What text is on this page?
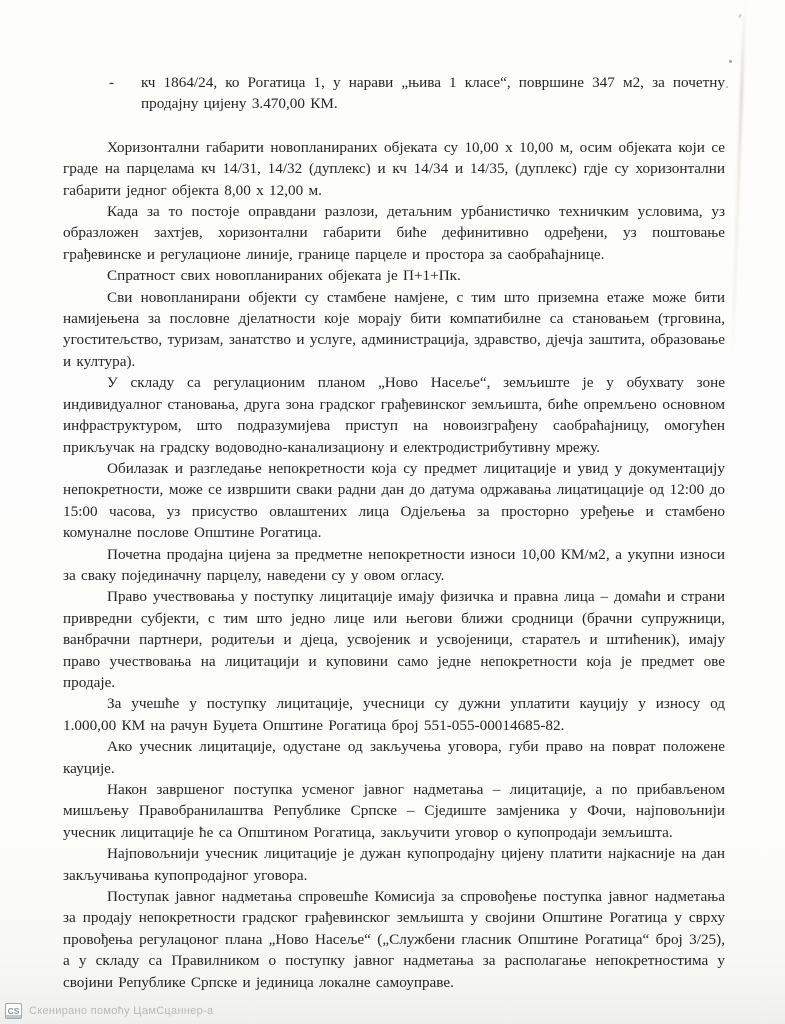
-	кч 1864/24, ко Рогатица 1, у нарави „њива 1 класе“, површине 347 м2, за почетну продајну цијену 3.470,00 КМ.

Хоризонтални габарити новопланираних објеката су 10,00 х 10,00 м, осим објеката који се граде на парцелама кч 14/31, 14/32 (дуплекс) и кч 14/34 и 14/35, (дуплекс) гдје су хоризонтални габарити једног објекта 8,00 х 12,00 м.

Када за то постоје оправдани разлози, детаљним урбанистичко техничким условима, уз образложен захтјев, хоризонтални габарити биће дефинитивно одређени, уз поштовање грађевинске и регулационе линије, границе парцеле и простора за саобраћајнице.

Спратност свих новопланираних објеката је П+1+Пк.

Сви новопланирани објекти су стамбене намјене, с тим што приземна етаже може бити намијењена за пословне дјелатности које морају бити компатибилне са становањем (трговина, угоститељство, туризам, занатство и услуге, администрација, здравство, дјечја заштита, образовање и култура).

У складу са регулационим планом „Ново Насеље“, земљиште је у обухвату зоне индивидуалног становања, друга зона градског грађевинског земљишта, биће опремљено основном инфраструктуром, што подразумијева приступ на новоизграђену саобраћајницу, омогућен прикључак на градску водоводно-канализациону и електродистрибутивну мрежу.

Обилазак и разгледање непокретности која су предмет лицитације и увид у документацију непокретности, може се извршити сваки радни дан до датума одржавања лицатицације од 12:00 до 15:00 часова, уз присуство овлаштених лица Одјељења за просторно уређење и стамбено комуналне послове Општине Рогатица.

Почетна продајна цијена за предметне непокретности износи 10,00 КМ/м2, а укупни износи за сваку појединачну парцелу, наведени су у овом огласу.

Право учествовања у поступку лицитације имају физичка и правна лица – домаћи и страни привредни субјекти, с тим што једно лице или његови ближи сродници (брачни супружници, ванбрачни партнери, родитељи и дјеца, усвојеник и усвојеници, старатељ и штићеник), имају право учествовања на лицитацији и куповини само једне непокретности која је предмет ове продаје.

За учешће у поступку лицитације, учесници су дужни уплатити кауцију у износу од 1.000,00 КМ на рачун Буџета Општине Рогатица број 551-055-00014685-82.

Ако учесник лицитације, одустане од закључења уговора, губи право на поврат положене кауције.

Након завршеног поступка усменог јавног надметања – лицитације, а по прибављеном мишљењу Правобранилаштва Републике Српске – Сједиште замјеника у Фочи, најповољнији учесник лицитације ће са Општином Рогатица, закључити уговор о купопродаји земљишта.

Најповољнији учесник лицитације је дужан купопродајну цијену платити најкасније на дан закључивања купопродајног уговора.

Поступак јавног надметања спровешће Комисија за спровођење поступка јавног надметања за продају непокретности градског грађевинског земљишта у својини Општине Рогатица у сврху провођења регулацоног плана „Ново Насеље“ („Службени гласник Општине Рогатица“ број 3/25), а у складу са Правилником о поступку јавног надметања за располагање непокретностима у својини Републике Српске и јединица локалне самоуправе.

CS Скенирано помоћу ЦамСцаннер-а
